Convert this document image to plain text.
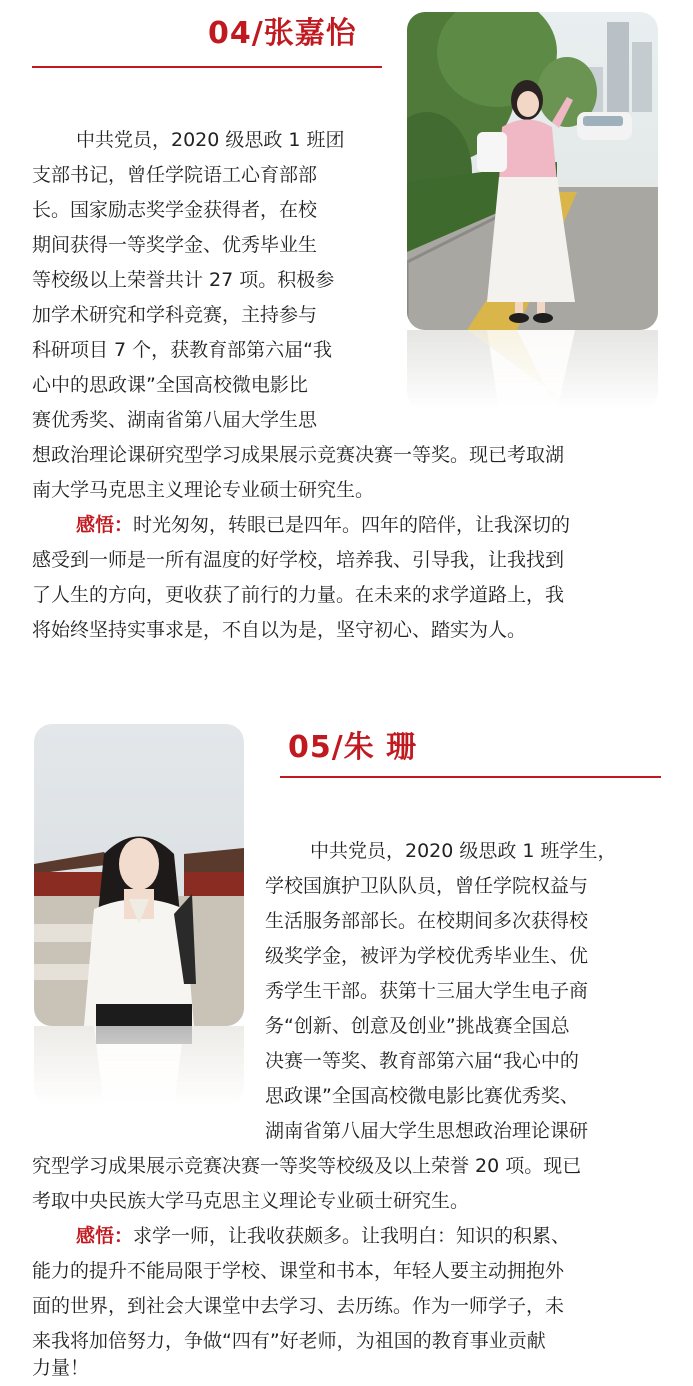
04/张嘉怡
中共党员，2020 级思政 1 班团
支部书记，曾任学院语工心育部部
长。国家励志奖学金获得者，在校
期间获得一等奖学金、优秀毕业生
等校级以上荣誉共计 27 项。积极参
加学术研究和学科竞赛，主持参与
科研项目 7 个，获教育部第六届“我
心中的思政课”全国高校微电影比
赛优秀奖、湖南省第八届大学生思
想政治理论课研究型学习成果展示竞赛决赛一等奖。现已考取湖
南大学马克思主义理论专业硕士研究生。
感悟：时光匆匆，转眼已是四年。四年的陪伴，让我深切的
感受到一师是一所有温度的好学校，培养我、引导我，让我找到
了人生的方向，更收获了前行的力量。在未来的求学道路上，我
将始终坚持实事求是，不自以为是，坚守初心、踏实为人。
05/朱 珊
中共党员，2020 级思政 1 班学生，
学校国旗护卫队队员，曾任学院权益与
生活服务部部长。在校期间多次获得校
级奖学金，被评为学校优秀毕业生、优
秀学生干部。获第十三届大学生电子商
务“创新、创意及创业”挑战赛全国总
决赛一等奖、教育部第六届“我心中的
思政课”全国高校微电影比赛优秀奖、
湖南省第八届大学生思想政治理论课研
究型学习成果展示竞赛决赛一等奖等校级及以上荣誉 20 项。现已
考取中央民族大学马克思主义理论专业硕士研究生。
感悟：求学一师，让我收获颇多。让我明白：知识的积累、
能力的提升不能局限于学校、课堂和书本，年轻人要主动拥抱外
面的世界，到社会大课堂中去学习、去历练。作为一师学子，未
来我将加倍努力，争做“四有”好老师，为祖国的教育事业贡献
力量！
